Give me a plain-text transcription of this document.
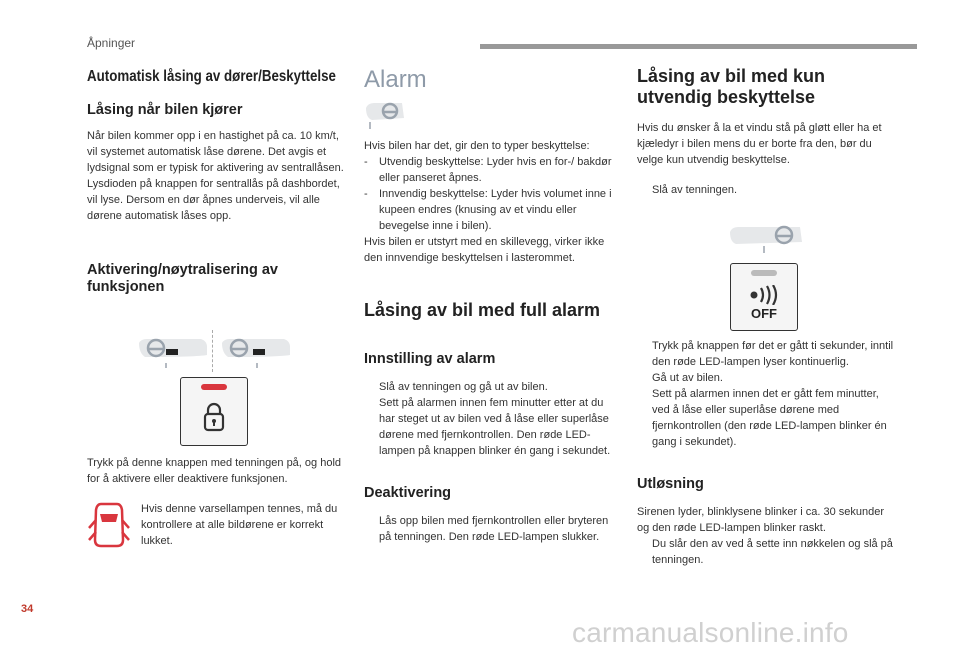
Åpninger
Automatisk låsing av dører/Beskyttelse
Låsing når bilen kjører

Når bilen kommer opp i en hastighet på ca. 10 km/t, vil systemet automatisk låse dørene. Det avgis et lydsignal som er typisk for aktivering av sentrallåsen. Lysdioden på knappen for sentrallås på dashbordet, vil lyse. Dersom en dør åpnes underveis, vil alle dørene automatisk låses opp.

Aktivering/nøytralisering av funksjonen

Trykk på denne knappen med tenningen på, og hold for å aktivere eller deaktivere funksjonen.

Hvis denne varsellampen tennes, må du kontrollere at alle bildørene er korrekt lukket.

Alarm

Hvis bilen har det, gir den to typer beskyttelse:

-	Utvendig beskyttelse: Lyder hvis en for-/ bakdør eller panseret åpnes.
-	Innvendig beskyttelse: Lyder hvis volumet inne i kupeen endres (knusing av et vindu eller bevegelse inne i bilen).

Hvis bilen er utstyrt med en skillevegg, virker ikke den innvendige beskyttelsen i lasterommet.

Låsing av bil med full alarm
Innstilling av alarm
Slå av tenningen og gå ut av bilen.
Sett på alarmen innen fem minutter etter at du har steget ut av bilen ved å låse eller superlåse dørene med fjernkontrollen. Den røde LED-lampen på knappen blinker én gang i sekundet.
Deaktivering
Lås opp bilen med fjernkontrollen eller bryteren på tenningen. Den røde LED-lampen slukker.
Låsing av bil med kun utvendig beskyttelse

Hvis du ønsker å la et vindu stå på gløtt eller ha et kjæledyr i bilen mens du er borte fra den, bør du velge kun utvendig beskyttelse.

Slå av tenningen.
OFF
Trykk på knappen før det er gått ti sekunder, inntil den røde LED-lampen lyser kontinuerlig.
Gå ut av bilen.
Sett på alarmen innen det er gått fem minutter, ved å låse eller superlåse dørene med fjernkontrollen (den røde LED-lampen blinker én gang i sekundet).
Utløsning

Sirenen lyder, blinklysene blinker i ca. 30 sekunder og den røde LED-lampen blinker raskt.

Du slår den av ved å sette inn nøkkelen og slå på tenningen.
34
carmanualsonline.info
